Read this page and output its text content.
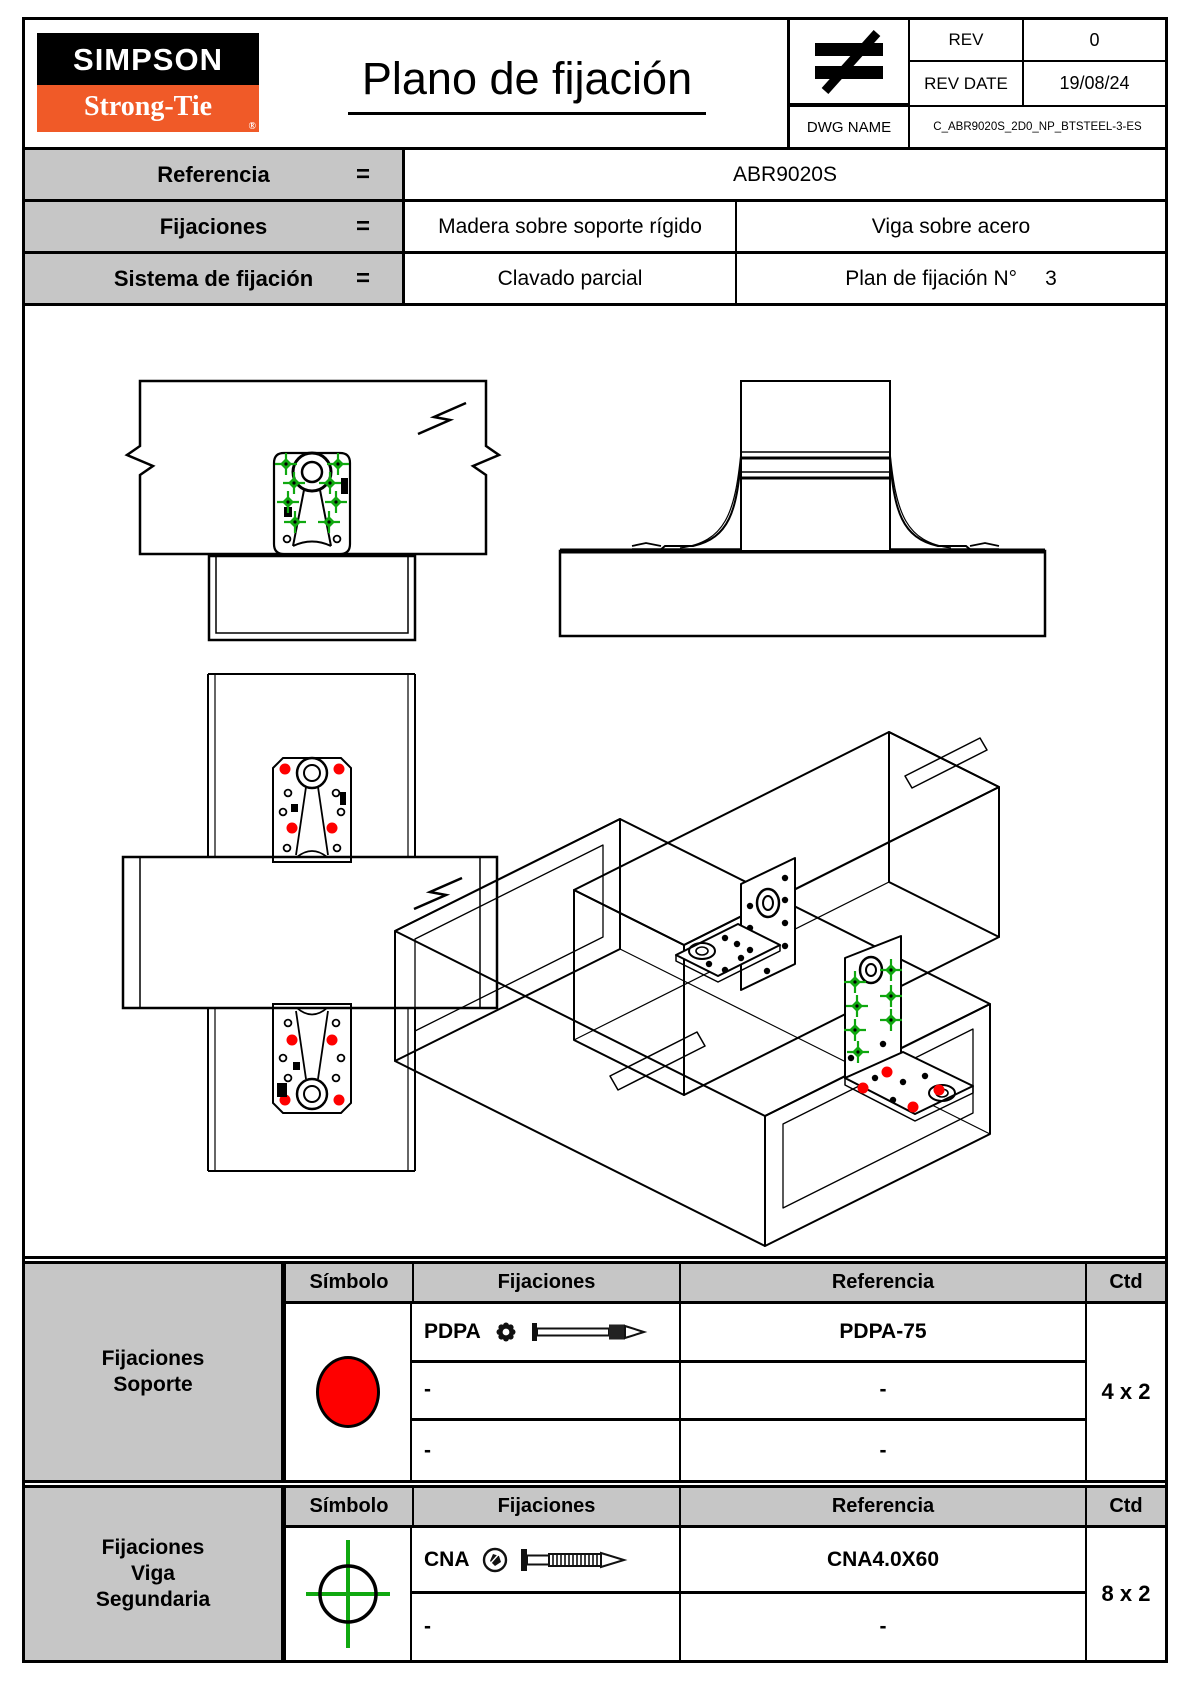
SIMPSON
Strong-Tie
®
Plano de fijación
REV	0
REV DATE	19/08/24
DWG NAME	C_ABR9020S_2D0_NP_BTSTEEL-3-ES
Referencia	=	ABR9020S
Fijaciones	=	Madera sobre soporte rígido	Viga sobre acero
Sistema de fijación =	Clavado parcial	Plan de fijación N° 3
Fijaciones
Soporte
Símbolo	Fijaciones	Referencia	Ctd
PDPA	PDPA-75
-	-
-	-
4 x 2
Fijaciones
Viga
Segundaria
Símbolo	Fijaciones	Referencia	Ctd
CNA	CNA4.0X60
-	-
8 x 2
